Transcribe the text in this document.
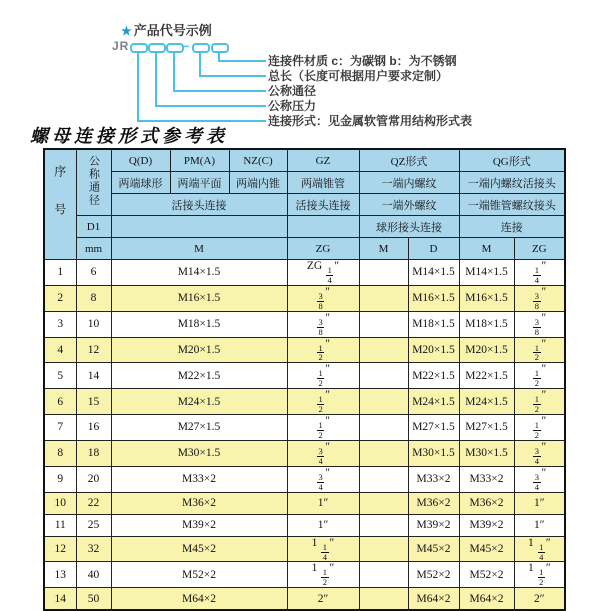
★ 产品代号示例
JR	–
连接件材质 c：为碳钢 b：为不锈钢
总长（长度可根据用户要求定制）
公称通径
公称压力
连接形式：见金属软管常用结构形式表
螺母连接形式参考表
序号	公称通径	Q(D)	PM(A)	NZ(C)	GZ	QZ形式		QG形式	
		两端球形	两端平面	两端内锥	两端锥管	一端内螺纹		一端内螺纹活接头	
		活接头连接			活接头连接	一端外螺纹		一端锥管螺纹接头	
	D1					球形接头连接		连接	
	mm	M			ZG	M	D	M	ZG
1	6	M14×1.5			ZG $\frac{1}{4}$ ″		M14×1.5	M14×1.5	$\frac{1}{4}$ ″
2	8	M16×1.5			$\frac{3}{8}$ ″		M16×1.5	M16×1.5	$\frac{3}{8}$ ″
3	10	M18×1.5			$\frac{3}{8}$ ″		M18×1.5	M18×1.5	$\frac{3}{8}$ ″
4	12	M20×1.5			$\frac{1}{2}$ ″		M20×1.5	M20×1.5	$\frac{1}{2}$ ″
5	14	M22×1.5			$\frac{1}{2}$ ″		M22×1.5	M22×1.5	$\frac{1}{2}$ ″
6	15	M24×1.5			$\frac{1}{2}$ ″		M24×1.5	M24×1.5	$\frac{1}{2}$ ″
7	16	M27×1.5			$\frac{1}{2}$ ″		M27×1.5	M27×1.5	$\frac{1}{2}$ ″
8	18	M30×1.5			$\frac{3}{4}$ ″		M30×1.5	M30×1.5	$\frac{3}{4}$ ″
9	20	M33×2			$\frac{3}{4}$ ″		M33×2	M33×2	$\frac{3}{4}$ ″
10	22	M36×2			1″		M36×2	M36×2	1″
11	25	M39×2			1″		M39×2	M39×2	1″
12	32	M45×2			$1 \frac{1}{4}$ ″		M45×2	M45×2	$1 \frac{1}{4}$ ″
13	40	M52×2			$1 \frac{1}{2}$ ″		M52×2	M52×2	$1 \frac{1}{2}$ ″
14	50	M64×2			2″		M64×2	M64×2	2″
